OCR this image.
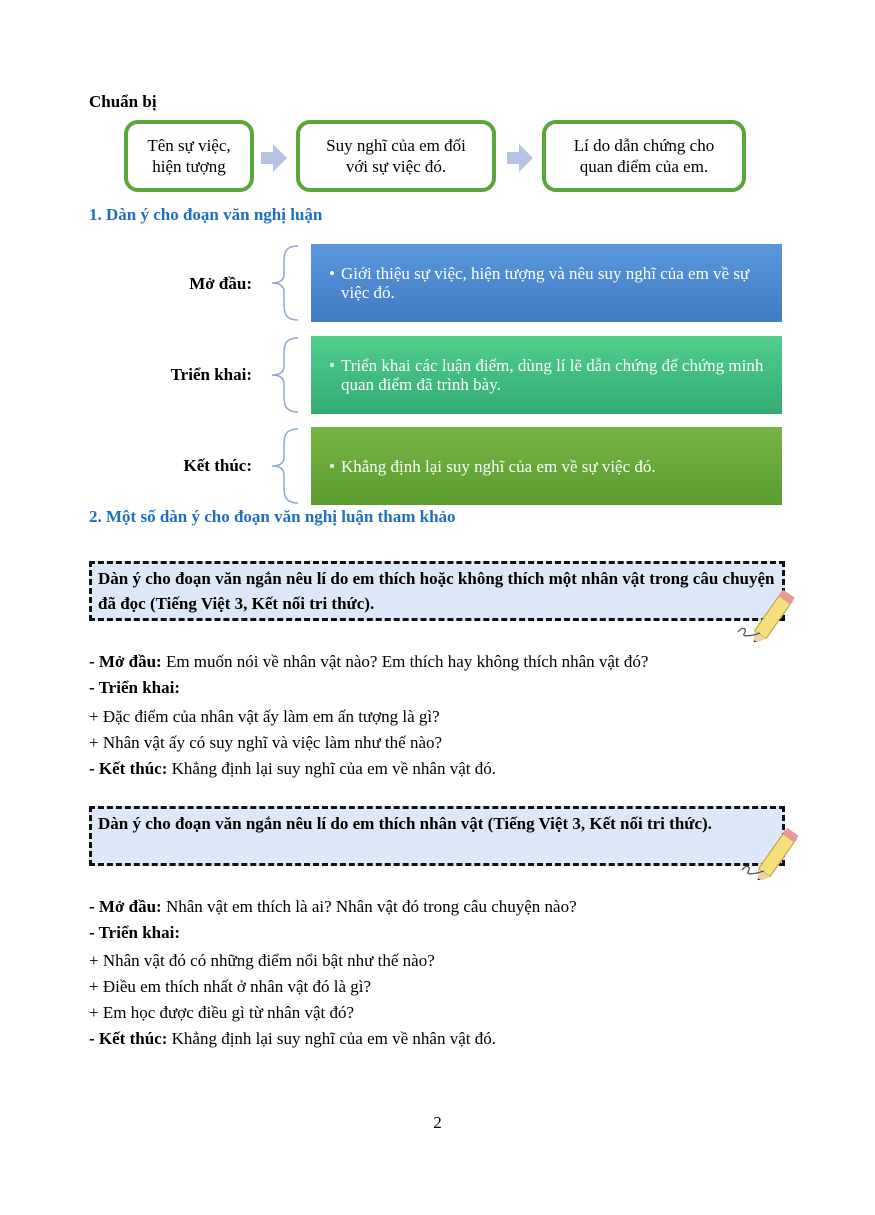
Chuẩn bị
Tên sự việc,
hiện tượng
Suy nghĩ của em đối
với sự việc đó.
Lí do dẫn chứng cho
quan điểm của em.
1. Dàn ý cho đoạn văn nghị luận
Mở đầu:
• Giới thiệu sự việc, hiện tượng và nêu suy nghĩ của em về sự việc đó.
Triển khai:	• Triển khai các luận điểm, dùng lí lẽ dẫn chứng để chứng minh quan điểm đã trình bày.
Kết thúc:	• Khẳng định lại suy nghĩ của em về sự việc đó.
2. Một số dàn ý cho đoạn văn nghị luận tham khảo
Dàn ý cho đoạn văn ngắn nêu lí do em thích hoặc không thích một nhân vật trong câu chuyện đã đọc (Tiếng Việt 3, Kết nối tri thức).
- Mở đầu: Em muốn nói về nhân vật nào? Em thích hay không thích nhân vật đó?
- Triển khai:
+ Đặc điểm của nhân vật ấy làm em ấn tượng là gì?
+ Nhân vật ấy có suy nghĩ và việc làm như thế nào?
- Kết thúc: Khẳng định lại suy nghĩ của em về nhân vật đó.
Dàn ý cho đoạn văn ngắn nêu lí do em thích nhân vật (Tiếng Việt 3, Kết nối tri thức).
- Mở đầu: Nhân vật em thích là ai? Nhân vật đó trong câu chuyện nào?
- Triển khai:
+ Nhân vật đó có những điểm nổi bật như thế nào?
+ Điều em thích nhất ở nhân vật đó là gì?
+ Em học được điều gì từ nhân vật đó?
- Kết thúc: Khẳng định lại suy nghĩ của em về nhân vật đó.
2
